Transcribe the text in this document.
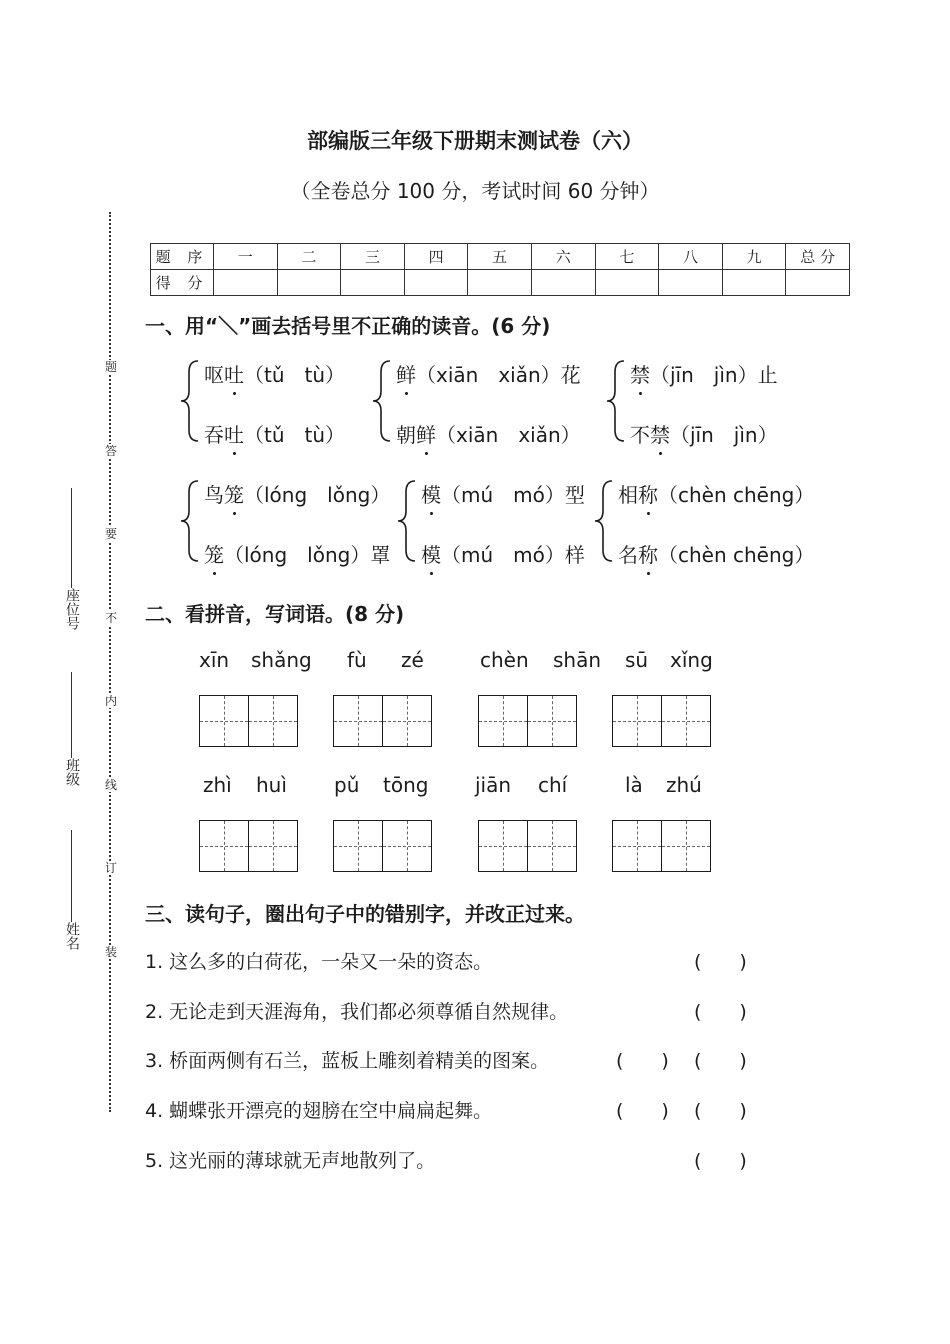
部编版三年级下册期末测试卷（六）
（全卷总分 100 分，考试时间 60 分钟）
题
答
要
不
内
线
订
装
座位号
班级
姓名
题 序	一	二	三	四	五	六	七	八	九	总 分
得 分										
一、用“＼”画去括号里不正确的读音。(6 分)
呕吐（tǔ　tù）
吞吐（tǔ　tù）
鲜（xiān　xiǎn）花
朝鲜（xiān　xiǎn）
禁（jīn　jìn）止
不禁（jīn　jìn）
鸟笼（lóng　lǒng）
笼（lóng　lǒng）罩
模（mú　mó）型
模（mú　mó）样
相称（chèn chēng）
名称（chèn chēng）
二、看拼音，写词语。(8 分)
xīn shǎng fù zé	chèn shān sū xǐng
zhì huì pǔ tōng jiān chí	là zhú
三、读句子，圈出句子中的错别字，并改正过来。
1. 这么多的白荷花，一朵又一朵的资态。	(　　)
2. 无论走到天涯海角，我们都必须尊循自然规律。	(　　)
3. 桥面两侧有石兰，蓝板上雕刻着精美的图案。	(　　) (　　)
4. 蝴蝶张开漂亮的翅膀在空中扁扁起舞。	(　　) (　　)
5. 这光丽的薄球就无声地散列了。	(　　)
